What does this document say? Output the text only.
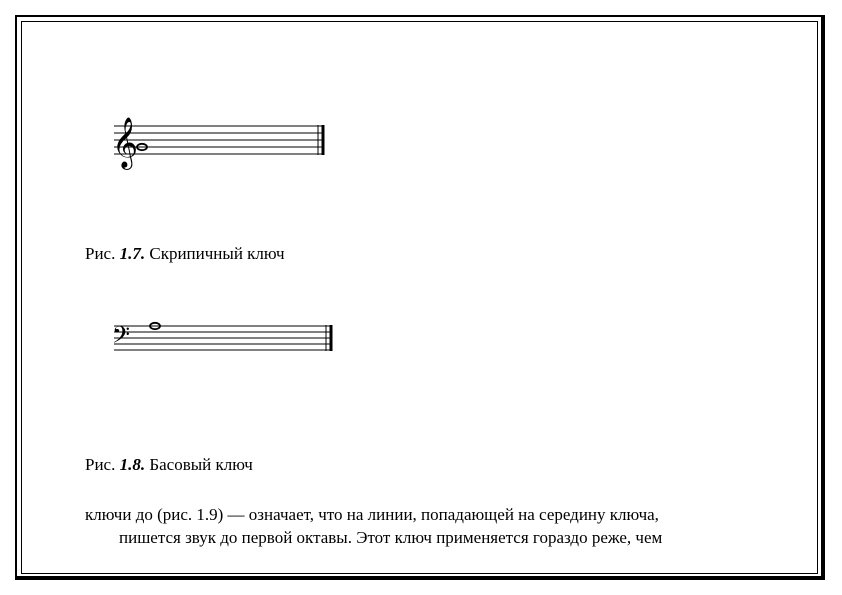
𝄞
Рис. 1.7. Скрипичный ключ
𝄢
Рис. 1.8. Басовый ключ
ключи до (рис. 1.9) — означает, что на линии, попадающей на середину ключа,
пишется звук до первой октавы. Этот ключ применяется гораздо реже, чем
